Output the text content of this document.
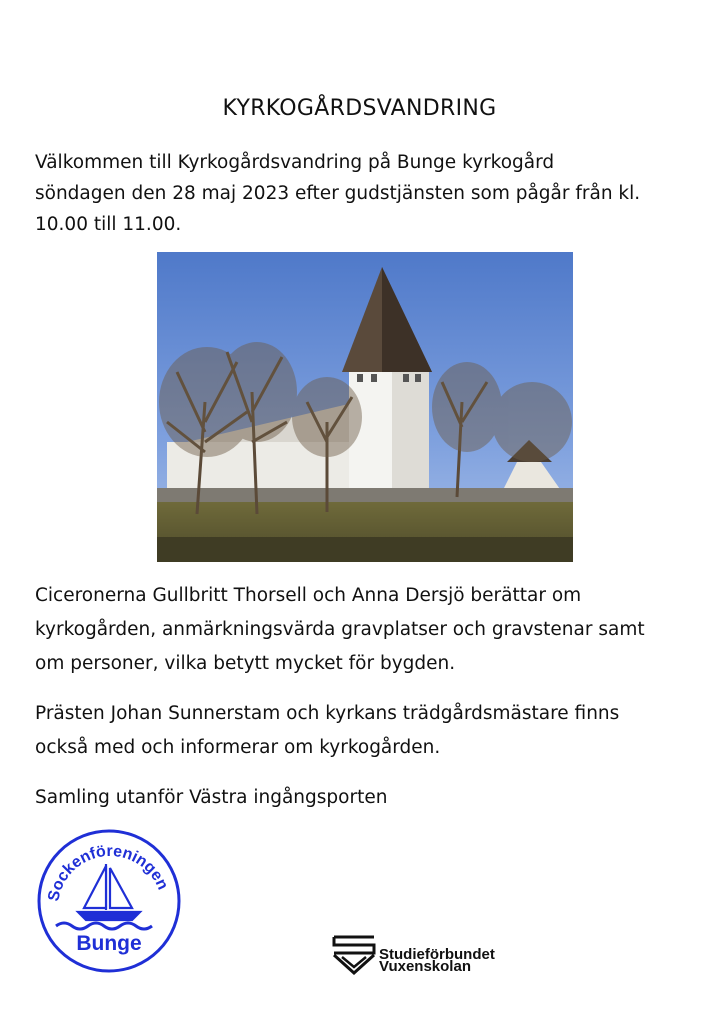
KYRKOGÅRDSVANDRING

Välkommen till Kyrkogårdsvandring på Bunge kyrkogård
söndagen den 28 maj 2023 efter gudstjänsten som pågår från kl.
10.00 till 11.00.

Ciceronerna Gullbritt Thorsell och Anna Dersjö berättar om
kyrkogården, anmärkningsvärda gravplatser och gravstenar samt
om personer, vilka betytt mycket för bygden.

Prästen Johan Sunnerstam och kyrkans trädgårdsmästare finns
också med och informerar om kyrkogården.

Samling utanför Västra ingångsporten

Sockenföreningen
Bunge	Studieförbundet
Vuxenskolan
